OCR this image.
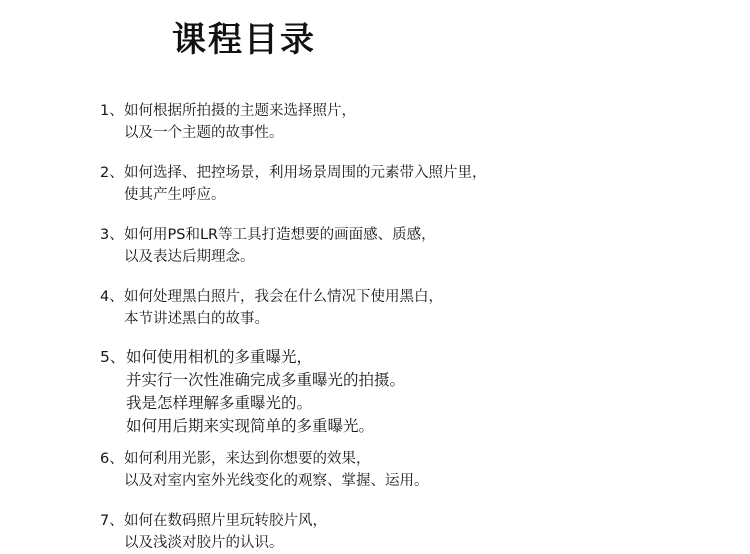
课程目录
1、如何根据所拍摄的主题来选择照片，
以及一个主题的故事性。
2、如何选择、把控场景，利用场景周围的元素带入照片里，
使其产生呼应。
3、如何用PS和LR等工具打造想要的画面感、质感，
以及表达后期理念。
4、如何处理黑白照片，我会在什么情况下使用黑白，
本节讲述黑白的故事。
5、如何使用相机的多重曝光，
并实行一次性准确完成多重曝光的拍摄。
我是怎样理解多重曝光的。
如何用后期来实现简单的多重曝光。
6、如何利用光影，来达到你想要的效果，
以及对室内室外光线变化的观察、掌握、运用。
7、如何在数码照片里玩转胶片风，
以及浅淡对胶片的认识。
